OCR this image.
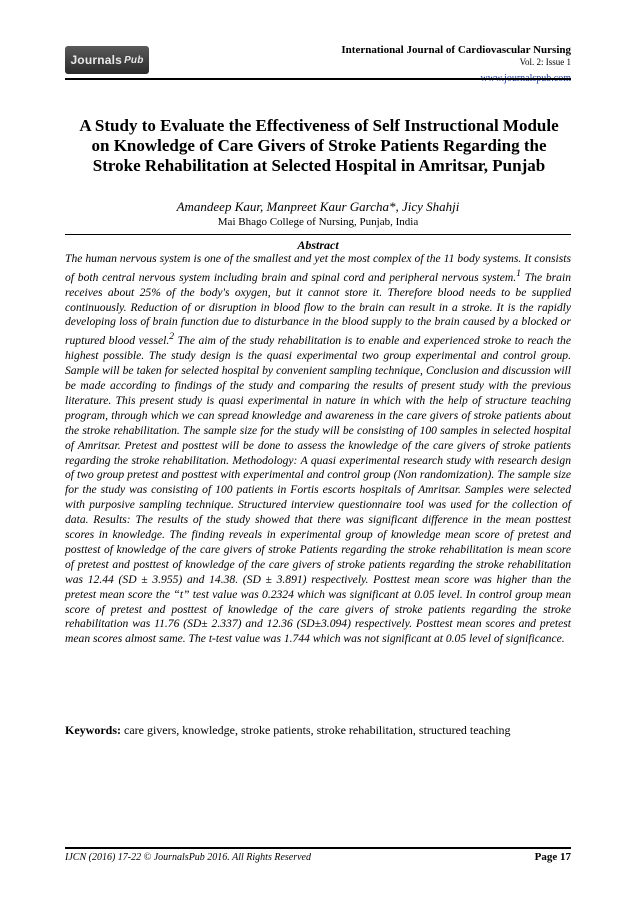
Journals Pub
International Journal of Cardiovascular Nursing
Vol. 2: Issue 1
www.journalspub.com
A Study to Evaluate the Effectiveness of Self Instructional Module on Knowledge of Care Givers of Stroke Patients Regarding the Stroke Rehabilitation at Selected Hospital in Amritsar, Punjab
Amandeep Kaur, Manpreet Kaur Garcha*, Jicy Shahji
Mai Bhago College of Nursing, Punjab, India
Abstract

The human nervous system is one of the smallest and yet the most complex of the 11 body systems. It consists of both central nervous system including brain and spinal cord and peripheral nervous system.$^1$ The brain receives about 25% of the body's oxygen, but it cannot store it. Therefore blood needs to be supplied continuously. Reduction of or disruption in blood flow to the brain can result in a stroke. It is the rapidly developing loss of brain function due to disturbance in the blood supply to the brain caused by a blocked or ruptured blood vessel.$^2$ The aim of the study rehabilitation is to enable and experienced stroke to reach the highest possible. The study design is the quasi experimental two group experimental and control group. Sample will be taken for selected hospital by convenient sampling technique, Conclusion and discussion will be made according to findings of the study and comparing the results of present study with the previous literature. This present study is quasi experimental in nature in which with the help of structure teaching program, through which we can spread knowledge and awareness in the care givers of stroke patients about the stroke rehabilitation. The sample size for the study will be consisting of 100 samples in selected hospital of Amritsar. Pretest and posttest will be done to assess the knowledge of the care givers of stroke patients regarding the stroke rehabilitation. Methodology: A quasi experimental research study with research design of two group pretest and posttest with experimental and control group (Non randomization). The sample size for the study was consisting of 100 patients in Fortis escorts hospitals of Amritsar. Samples were selected with purposive sampling technique. Structured interview questionnaire tool was used for the collection of data. Results: The results of the study showed that there was significant difference in the mean posttest scores in knowledge. The finding reveals in experimental group of knowledge mean score of pretest and posttest of knowledge of the care givers of stroke Patients regarding the stroke rehabilitation is mean score of pretest and posttest of knowledge of the care givers of stroke patients regarding the stroke rehabilitation was 12.44 (SD ± 3.955) and 14.38. (SD ± 3.891) respectively. Posttest mean score was higher than the pretest mean score the “t” test value was 0.2324 which was significant at 0.05 level. In control group mean score of pretest and posttest of knowledge of the care givers of stroke patients regarding the stroke rehabilitation was 11.76 (SD± 2.337) and 12.36 (SD±3.094) respectively. Posttest mean scores and pretest mean scores almost same. The t-test value was 1.744 which was not significant at 0.05 level of significance.

Keywords: care givers, knowledge, stroke patients, stroke rehabilitation, structured teaching
IJCN (2016) 17-22 © JournalsPub 2016. All Rights Reserved	Page 17
